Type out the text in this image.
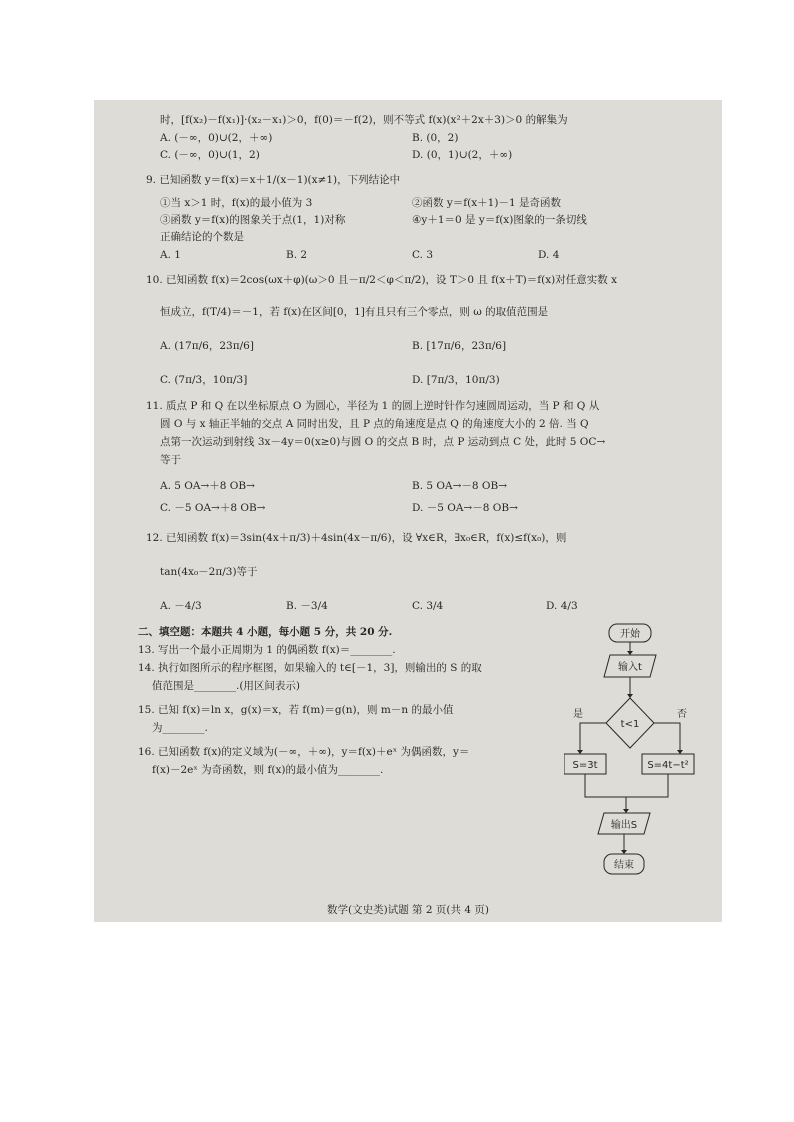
时，[f(x₂)－f(x₁)]·(x₂－x₁)＞0，f(0)＝－f(2)，则不等式 f(x)(x²＋2x＋3)＞0 的解集为
A. (－∞，0)∪(2，＋∞)	B. (0，2)
C. (－∞，0)∪(1，2)	D. (0，1)∪(2，＋∞)
9. 已知函数 y＝f(x)＝x＋1/(x－1)(x≠1)，下列结论中
①当 x＞1 时，f(x)的最小值为 3	②函数 y＝f(x＋1)－1 是奇函数
③函数 y＝f(x)的图象关于点(1，1)对称	④y＋1＝0 是 y＝f(x)图象的一条切线
正确结论的个数是
A. 1	B. 2	C. 3	D. 4
10. 已知函数 f(x)＝2cos(ωx＋φ)(ω＞0 且－π/2＜φ＜π/2)，设 T＞0 且 f(x＋T)＝f(x)对任意实数 x
恒成立，f(T/4)＝－1，若 f(x)在区间[0，1]有且只有三个零点，则 ω 的取值范围是
A. (17π/6，23π/6]	B. [17π/6，23π/6]
C. (7π/3，10π/3]	D. [7π/3，10π/3)
11. 质点 P 和 Q 在以坐标原点 O 为圆心，半径为 1 的圆上逆时针作匀速圆周运动，当 P 和 Q 从
圆 O 与 x 轴正半轴的交点 A 同时出发，且 P 点的角速度是点 Q 的角速度大小的 2 倍. 当 Q
点第一次运动到射线 3x－4y＝0(x≥0)与圆 O 的交点 B 时，点 P 运动到点 C 处，此时 5 OC→
等于
A. 5 OA→＋8 OB→	B. 5 OA→－8 OB→
C. －5 OA→＋8 OB→	D. －5 OA→－8 OB→
12. 已知函数 f(x)＝3sin(4x＋π/3)＋4sin(4x－π/6)，设 ∀x∈R，∃x₀∈R，f(x)≤f(x₀)，则
tan(4x₀－2π/3)等于
A. －4/3	B. －3/4	C. 3/4	D. 4/3
二、填空题：本题共 4 小题，每小题 5 分，共 20 分.
13. 写出一个最小正周期为 1 的偶函数 f(x)＝________.
14. 执行如图所示的程序框图，如果输入的 t∈[－1，3]，则输出的 S 的取
值范围是________.(用区间表示)
15. 已知 f(x)＝ln x，g(x)＝x，若 f(m)＝g(n)，则 m－n 的最小值
为________.
16. 已知函数 f(x)的定义域为(－∞，＋∞)，y＝f(x)＋eˣ 为偶函数，y＝
f(x)－2eˣ 为奇函数，则 f(x)的最小值为________.
开始
输入t
t<1
是	否
S=3t	S=4t−t²
输出S
结束
数学(文史类)试题 第 2 页(共 4 页)
